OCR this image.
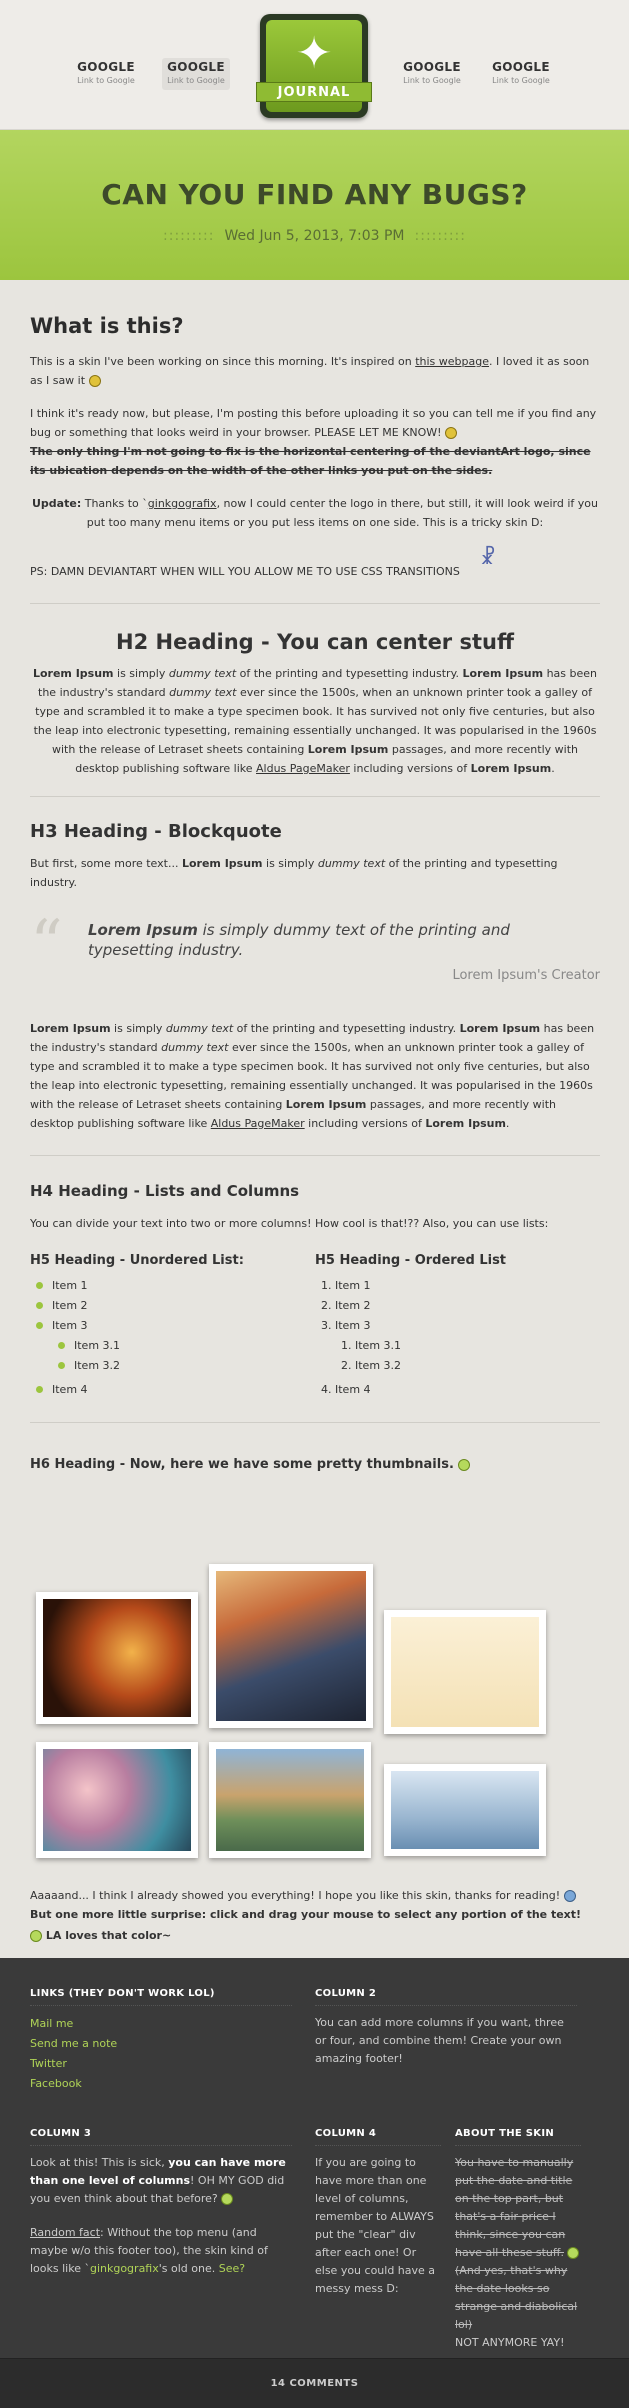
GOOGLE
Link to Google
GOOGLE
Link to Google
✦
JOURNAL
GOOGLE
Link to Google
GOOGLE
Link to Google
CAN YOU FIND ANY BUGS?
::::::::: Wed Jun 5, 2013, 7:03 PM :::::::::
What is this?

This is a skin I've been working on since this morning. It's inspired on this webpage. I loved it as soon as I saw it

I think it's ready now, but please, I'm posting this before uploading it so you can tell me if you find any bug or something that looks weird in your browser. PLEASE LET ME KNOW!

The only thing I'm not going to fix is the horizontal centering of the deviantArt logo, since its ubication depends on the width of the other links you put on the sides.

Update: Thanks to `ginkgografix, now I could center the logo in there, but still, it will look weird if you put too many menu items or you put less items on one side. This is a tricky skin D:

PS: DAMN DEVIANTART WHEN WILL YOU ALLOW ME TO USE CSS TRANSITIONS
☧

H2 Heading - You can center stuff

Lorem Ipsum is simply dummy text of the printing and typesetting industry. Lorem Ipsum has been the industry's standard dummy text ever since the 1500s, when an unknown printer took a galley of type and scrambled it to make a type specimen book. It has survived not only five centuries, but also the leap into electronic typesetting, remaining essentially unchanged. It was popularised in the 1960s with the release of Letraset sheets containing Lorem Ipsum passages, and more recently with desktop publishing software like Aldus PageMaker including versions of Lorem Ipsum.

H3 Heading - Blockquote

But first, some more text... Lorem Ipsum is simply dummy text of the printing and typesetting industry.

“ Lorem Ipsum is simply dummy text of the printing and typesetting industry.
Lorem Ipsum's Creator

Lorem Ipsum is simply dummy text of the printing and typesetting industry. Lorem Ipsum has been the industry's standard dummy text ever since the 1500s, when an unknown printer took a galley of type and scrambled it to make a type specimen book. It has survived not only five centuries, but also the leap into electronic typesetting, remaining essentially unchanged. It was popularised in the 1960s with the release of Letraset sheets containing Lorem Ipsum passages, and more recently with desktop publishing software like Aldus PageMaker including versions of Lorem Ipsum.

H4 Heading - Lists and Columns

You can divide your text into two or more columns! How cool is that!?? Also, you can use lists:

H5 Heading - Unordered List:
Item 1
Item 2
Item 3
Item 3.1
Item 3.2
Item 4
H5 Heading - Ordered List
1. Item 1
2. Item 2
3. Item 3
1. Item 3.1
2. Item 3.2
4. Item 4
H6 Heading - Now, here we have some pretty thumbnails.

Aaaaand... I think I already showed you everything! I hope you like this skin, thanks for reading!

But one more little surprise: click and drag your mouse to select any portion of the text!

LA loves that color~

LINKS (THEY DON'T WORK LOL)
Mail me
Send me a note
Twitter
Facebook
COLUMN 2

You can add more columns if you want, three or four, and combine them! Create your own amazing footer!

COLUMN 3

Look at this! This is sick, you can have more than one level of columns! OH MY GOD did you even think about that before?

Random fact: Without the top menu (and maybe w/o this footer too), the skin kind of looks like `ginkgografix's old one. See?

COLUMN 4

If you are going to have more than one level of columns, remember to ALWAYS put the "clear" div after each one! Or else you could have a messy mess D:

ABOUT THE SKIN

You have to manually put the date and title on the top part, but that's a fair price I think, since you can have all these stuff.

(And yes, that's why the date looks so strange and diabolical lol)

NOT ANYMORE YAY!

14 COMMENTS
